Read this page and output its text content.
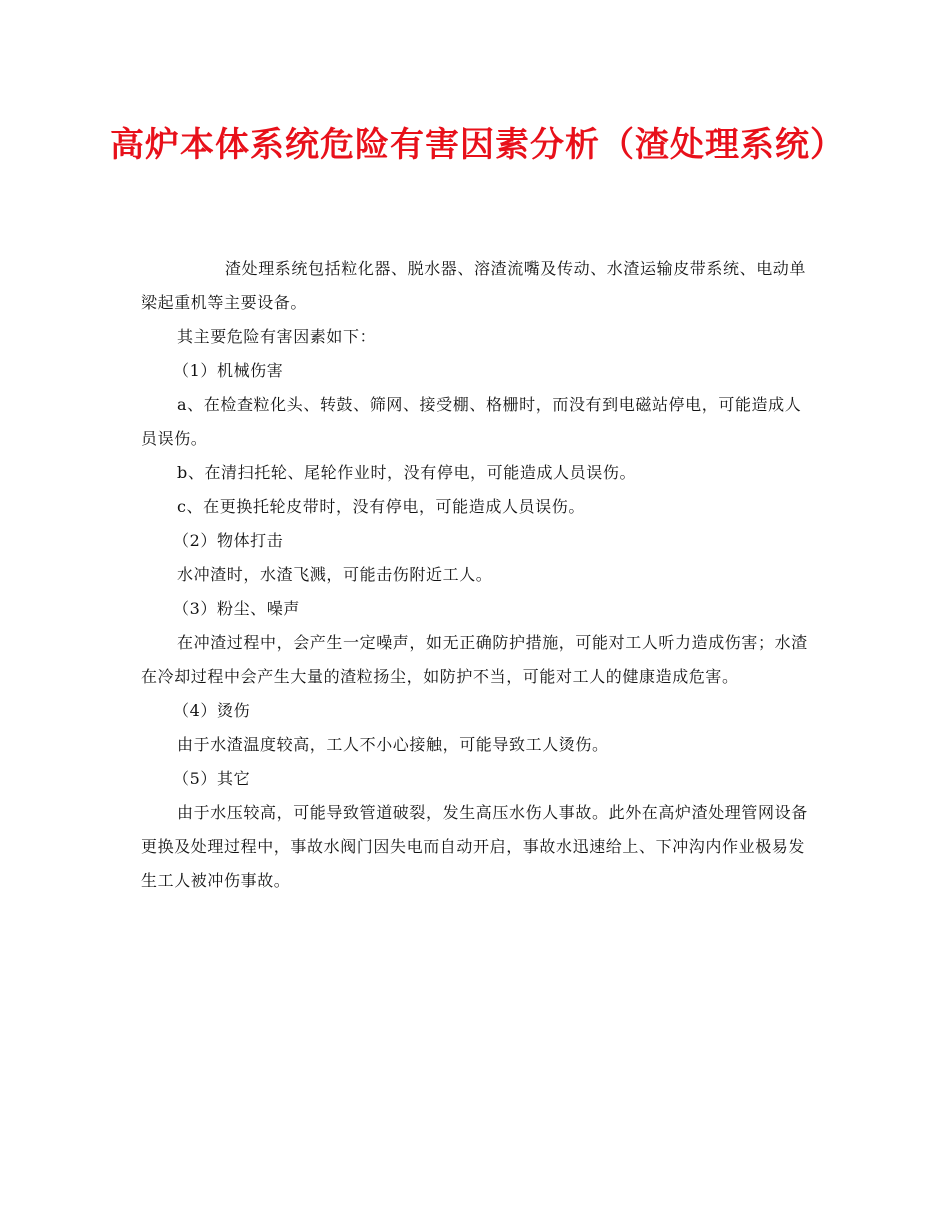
高炉本体系统危险有害因素分析（渣处理系统）

渣处理系统包括粒化器、脱水器、溶渣流嘴及传动、水渣运输皮带系统、电动单梁起重机等主要设备。

其主要危险有害因素如下：

（1）机械伤害

a、在检查粒化头、转鼓、筛网、接受棚、格栅时，而没有到电磁站停电，可能造成人员误伤。

b、在清扫托轮、尾轮作业时，没有停电，可能造成人员误伤。

c、在更换托轮皮带时，没有停电，可能造成人员误伤。

（2）物体打击

水冲渣时，水渣飞溅，可能击伤附近工人。

（3）粉尘、噪声

在冲渣过程中，会产生一定噪声，如无正确防护措施，可能对工人听力造成伤害；水渣在冷却过程中会产生大量的渣粒扬尘，如防护不当，可能对工人的健康造成危害。

（4）烫伤

由于水渣温度较高，工人不小心接触，可能导致工人烫伤。

（5）其它

由于水压较高，可能导致管道破裂，发生高压水伤人事故。此外在高炉渣处理管网设备更换及处理过程中，事故水阀门因失电而自动开启，事故水迅速给上、下冲沟内作业极易发生工人被冲伤事故。
